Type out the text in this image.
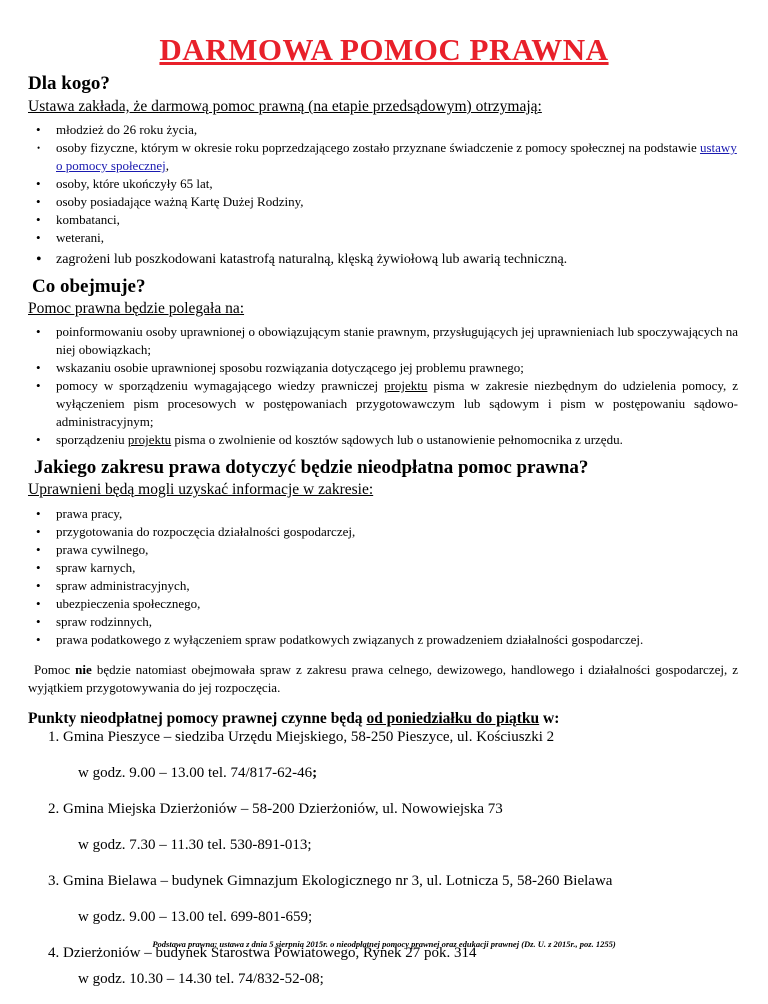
DARMOWA POMOC PRAWNA
Dla kogo?

Ustawa zakłada, że darmową pomoc prawną (na etapie przedsądowym) otrzymają:

• młodzież do 26 roku życia,
• osoby fizyczne, którym w okresie roku poprzedzającego zostało przyznane świadczenie z pomocy społecznej na podstawie ustawy o pomocy społecznej,
• osoby, które ukończyły 65 lat,
• osoby posiadające ważną Kartę Dużej Rodziny,
• kombatanci,
• weterani,
• zagrożeni lub poszkodowani katastrofą naturalną, klęską żywiołową lub awarią techniczną.
Co obejmuje?

Pomoc prawna będzie polegała na:

• poinformowaniu osoby uprawnionej o obowiązującym stanie prawnym, przysługujących jej uprawnieniach lub spoczywających na niej obowiązkach;
• wskazaniu osobie uprawnionej sposobu rozwiązania dotyczącego jej problemu prawnego;
• pomocy w sporządzeniu wymagającego wiedzy prawniczej projektu pisma w zakresie niezbędnym do udzielenia pomocy, z wyłączeniem pism procesowych w postępowaniach przygotowawczym lub sądowym i pism w postępowaniu sądowo-administracyjnym;
• sporządzeniu projektu pisma o zwolnienie od kosztów sądowych lub o ustanowienie pełnomocnika z urzędu.
Jakiego zakresu prawa dotyczyć będzie nieodpłatna pomoc prawna?

Uprawnieni będą mogli uzyskać informacje w zakresie:

• prawa pracy,
• przygotowania do rozpoczęcia działalności gospodarczej,
• prawa cywilnego,
• spraw karnych,
• spraw administracyjnych,
• ubezpieczenia społecznego,
• spraw rodzinnych,
• prawa podatkowego z wyłączeniem spraw podatkowych związanych z prowadzeniem działalności gospodarczej.

Pomoc nie będzie natomiast obejmowała spraw z zakresu prawa celnego, dewizowego, handlowego i działalności gospodarczej, z wyjątkiem przygotowywania do jej rozpoczęcia.

Punkty nieodpłatnej pomocy prawnej czynne będą od poniedziałku do piątku w:

1. Gmina Pieszyce – siedziba Urzędu Miejskiego, 58-250 Pieszyce, ul. Kościuszki 2
w godz. 9.00 – 13.00 tel. 74/817-62-46;
2. Gmina Miejska Dzierżoniów – 58-200 Dzierżoniów, ul. Nowowiejska 73
w godz. 7.30 – 11.30 tel. 530-891-013;
3. Gmina Bielawa – budynek Gimnazjum Ekologicznego nr 3, ul. Lotnicza 5, 58-260 Bielawa
w godz. 9.00 – 13.00 tel. 699-801-659;
4. Dzierżoniów – budynek Starostwa Powiatowego, Rynek 27 pok. 314
w godz. 10.30 – 14.30 tel. 74/832-52-08;

Podstawa prawna: ustawa z dnia 5 sierpnia 2015r. o nieodpłatnej pomocy prawnej oraz edukacji prawnej (Dz. U. z 2015r., poz. 1255)
